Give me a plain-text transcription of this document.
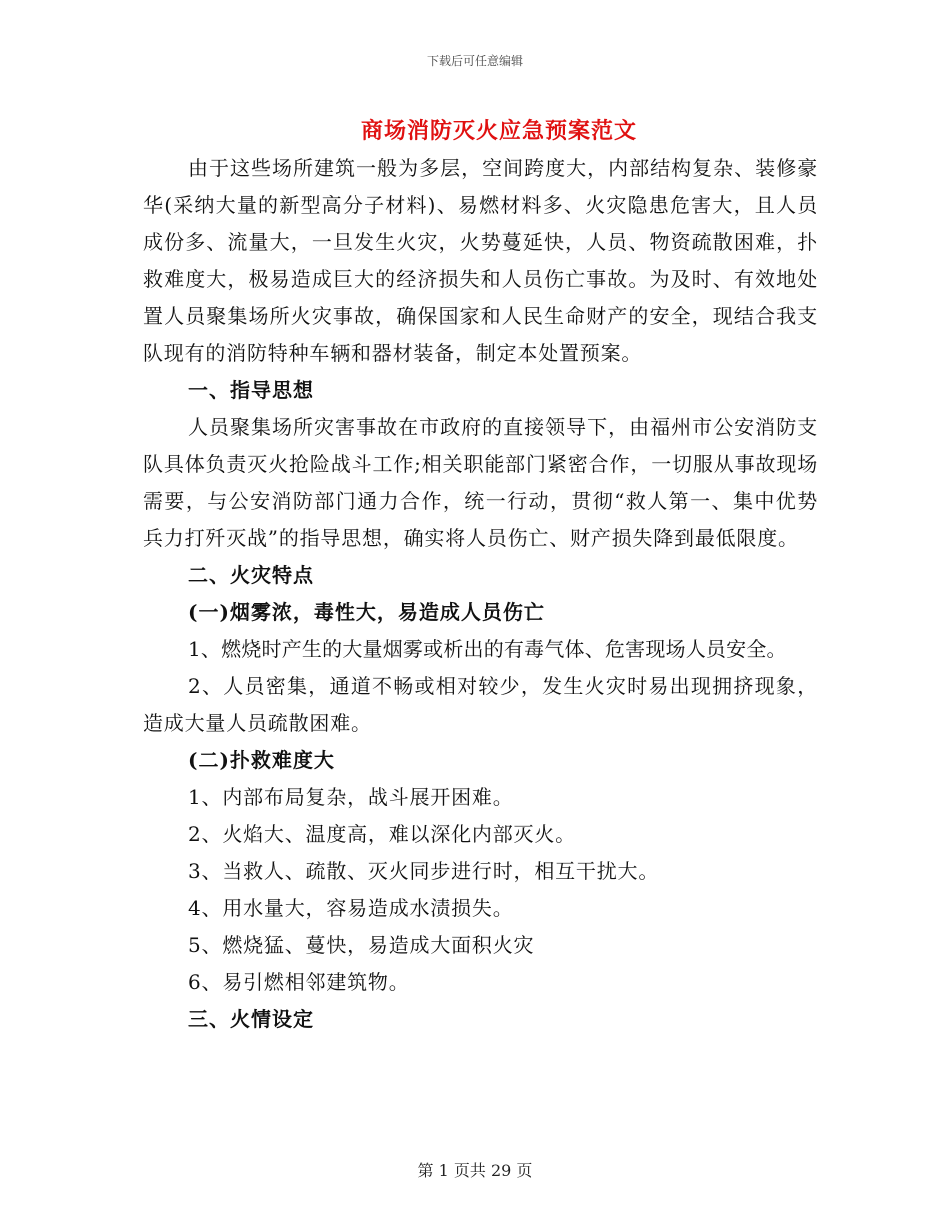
下载后可任意编辑
商场消防灭火应急预案范文

由于这些场所建筑一般为多层，空间跨度大，内部结构复杂、装修豪华(采纳大量的新型高分子材料)、易燃材料多、火灾隐患危害大，且人员成份多、流量大，一旦发生火灾，火势蔓延快，人员、物资疏散困难，扑救难度大，极易造成巨大的经济损失和人员伤亡事故。为及时、有效地处置人员聚集场所火灾事故，确保国家和人民生命财产的安全，现结合我支队现有的消防特种车辆和器材装备，制定本处置预案。

一、指导思想

人员聚集场所灾害事故在市政府的直接领导下，由福州市公安消防支队具体负责灭火抢险战斗工作;相关职能部门紧密合作，一切服从事故现场需要，与公安消防部门通力合作，统一行动，贯彻“救人第一、集中优势兵力打歼灭战”的指导思想，确实将人员伤亡、财产损失降到最低限度。

二、火灾特点

(一)烟雾浓，毒性大，易造成人员伤亡

1、燃烧时产生的大量烟雾或析出的有毒气体、危害现场人员安全。

2、人员密集，通道不畅或相对较少，发生火灾时易出现拥挤现象，造成大量人员疏散困难。

(二)扑救难度大

1、内部布局复杂，战斗展开困难。

2、火焰大、温度高，难以深化内部灭火。

3、当救人、疏散、灭火同步进行时，相互干扰大。

4、用水量大，容易造成水渍损失。

5、燃烧猛、蔓快，易造成大面积火灾

6、易引燃相邻建筑物。

三、火情设定

第 1 页共 29 页
